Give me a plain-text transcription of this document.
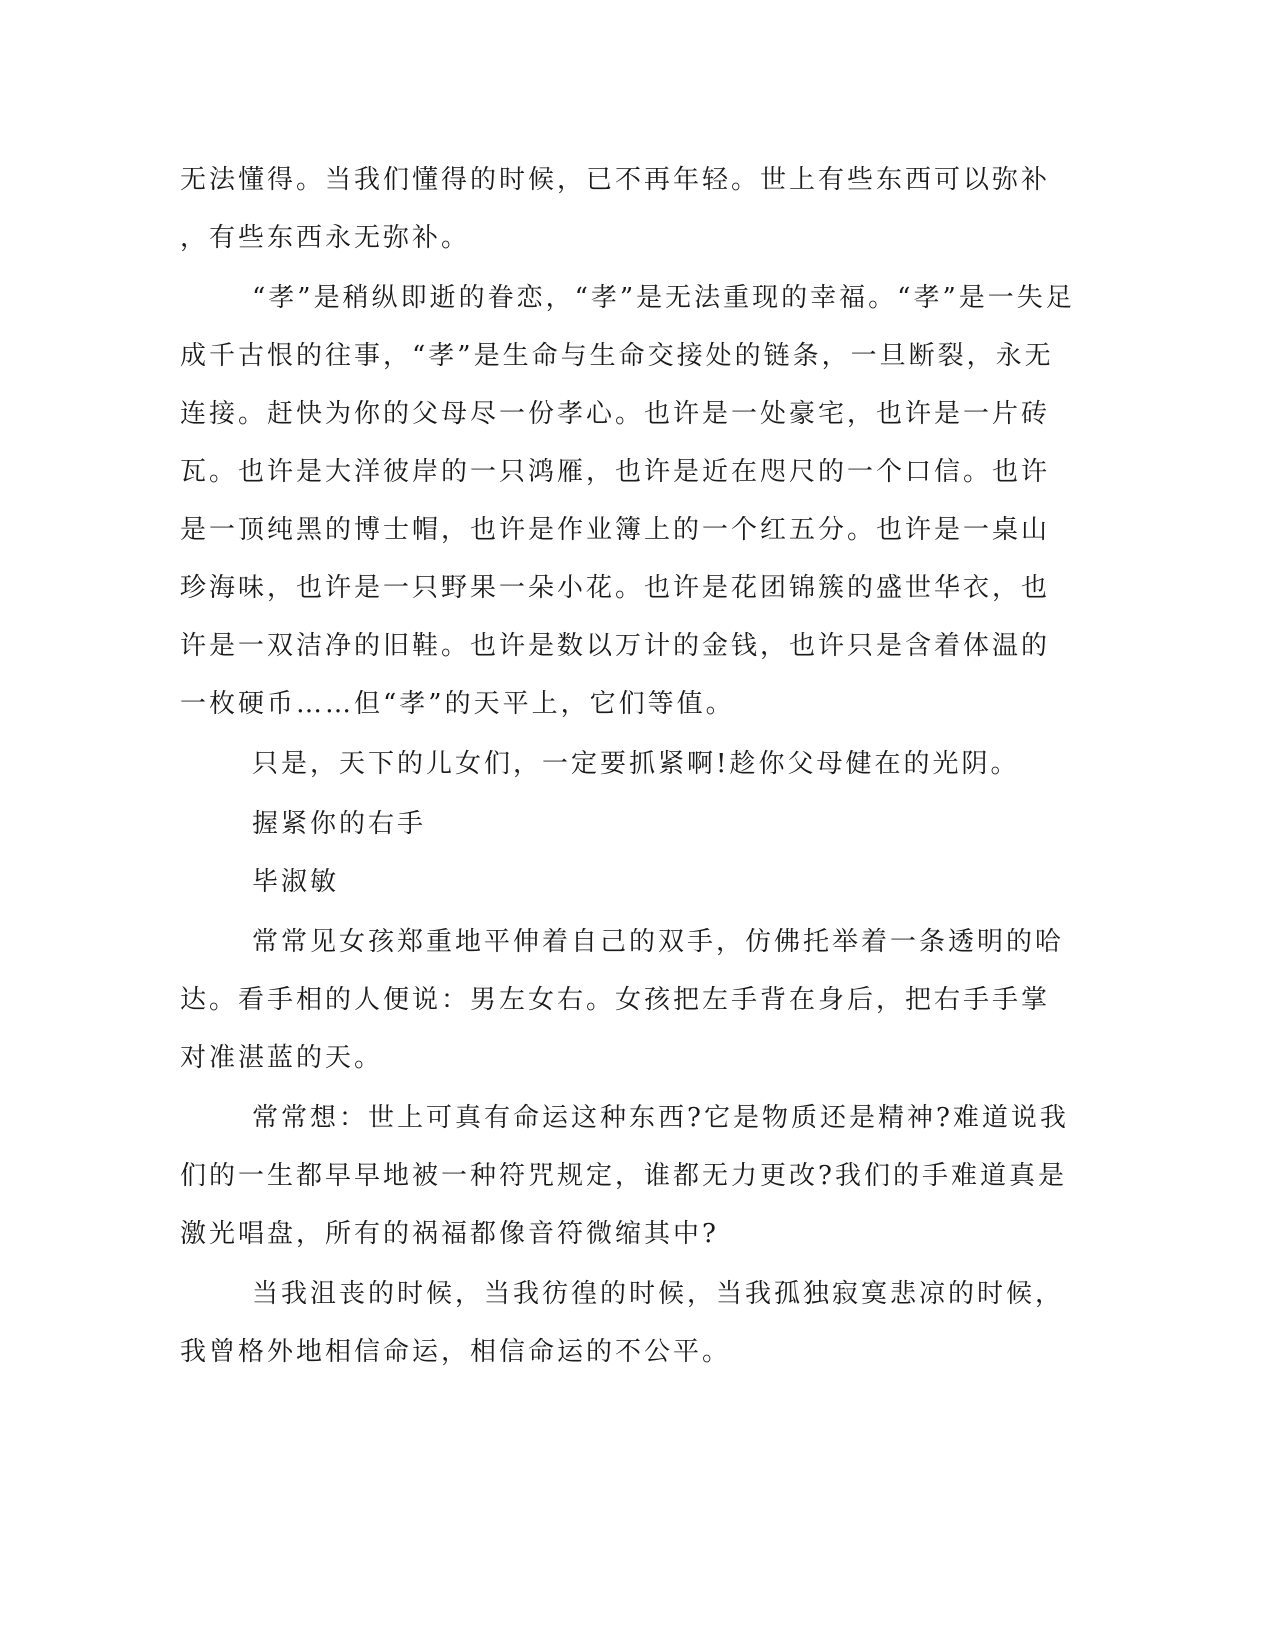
无法懂得。当我们懂得的时候，已不再年轻。世上有些东西可以弥补
，有些东西永无弥补。
“孝”是稍纵即逝的眷恋，“孝”是无法重现的幸福。“孝”是一失足
成千古恨的往事，“孝”是生命与生命交接处的链条，一旦断裂，永无
连接。赶快为你的父母尽一份孝心。也许是一处豪宅，也许是一片砖
瓦。也许是大洋彼岸的一只鸿雁，也许是近在咫尺的一个口信。也许
是一顶纯黑的博士帽，也许是作业簿上的一个红五分。也许是一桌山
珍海味，也许是一只野果一朵小花。也许是花团锦簇的盛世华衣，也
许是一双洁净的旧鞋。也许是数以万计的金钱，也许只是含着体温的
一枚硬币……但“孝”的天平上，它们等值。
只是，天下的儿女们，一定要抓紧啊!趁你父母健在的光阴。
握紧你的右手
毕淑敏
常常见女孩郑重地平伸着自己的双手，仿佛托举着一条透明的哈
达。看手相的人便说：男左女右。女孩把左手背在身后，把右手手掌
对准湛蓝的天。
常常想：世上可真有命运这种东西?它是物质还是精神?难道说我
们的一生都早早地被一种符咒规定，谁都无力更改?我们的手难道真是
激光唱盘，所有的祸福都像音符微缩其中?
当我沮丧的时候，当我彷徨的时候，当我孤独寂寞悲凉的时候，
我曾格外地相信命运，相信命运的不公平。
